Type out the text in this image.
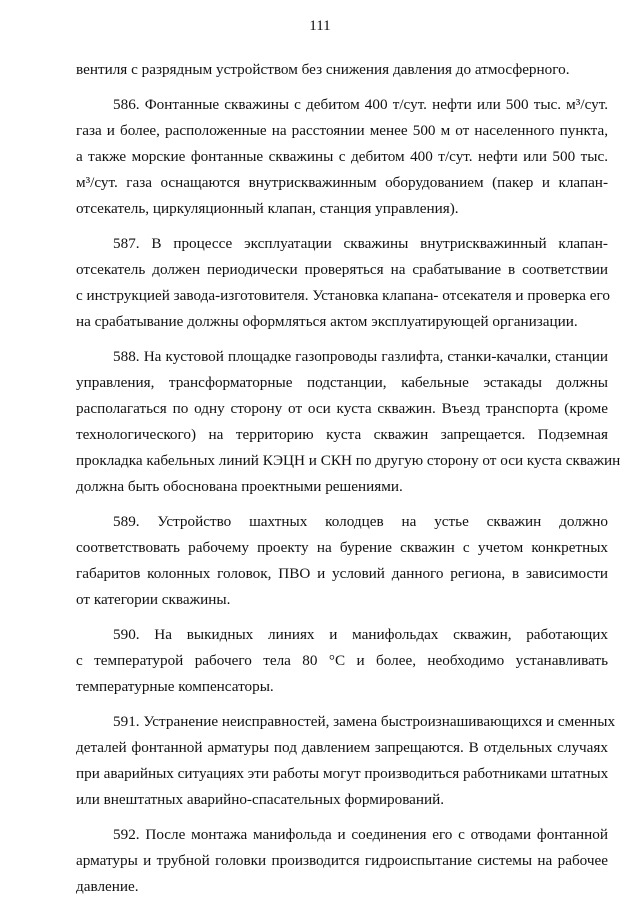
111
вентиля с разрядным устройством без снижения давления до атмосферного.
586. Фонтанные скважины с дебитом 400 т/сут. нефти или 500 тыс. м³/сут.
газа и более, расположенные на расстоянии менее 500 м от населенного пункта,
а также морские фонтанные скважины с дебитом 400 т/сут. нефти или 500 тыс.
м³/сут. газа оснащаются внутрискважинным оборудованием (пакер и клапан-
отсекатель, циркуляционный клапан, станция управления).
587. В процессе эксплуатации скважины внутрискважинный клапан-
отсекатель должен периодически проверяться на срабатывание в соответствии
с инструкцией завода-изготовителя. Установка клапана- отсекателя и проверка его
на срабатывание должны оформляться актом эксплуатирующей организации.
588. На кустовой площадке газопроводы газлифта, станки-качалки, станции
управления, трансформаторные подстанции, кабельные эстакады должны
располагаться по одну сторону от оси куста скважин. Въезд транспорта (кроме
технологического) на территорию куста скважин запрещается. Подземная
прокладка кабельных линий КЭЦН и СКН по другую сторону от оси куста скважин
должна быть обоснована проектными решениями.
589. Устройство шахтных колодцев на устье скважин должно
соответствовать рабочему проекту на бурение скважин с учетом конкретных
габаритов колонных головок, ПВО и условий данного региона, в зависимости
от категории скважины.
590. На выкидных линиях и манифольдах скважин, работающих
с температурой рабочего тела 80 °С и более, необходимо устанавливать
температурные компенсаторы.
591. Устранение неисправностей, замена быстроизнашивающихся и сменных
деталей фонтанной арматуры под давлением запрещаются. В отдельных случаях
при аварийных ситуациях эти работы могут производиться работниками штатных
или внештатных аварийно-спасательных формирований.
592. После монтажа манифольда и соединения его с отводами фонтанной
арматуры и трубной головки производится гидроиспытание системы на рабочее
давление.
